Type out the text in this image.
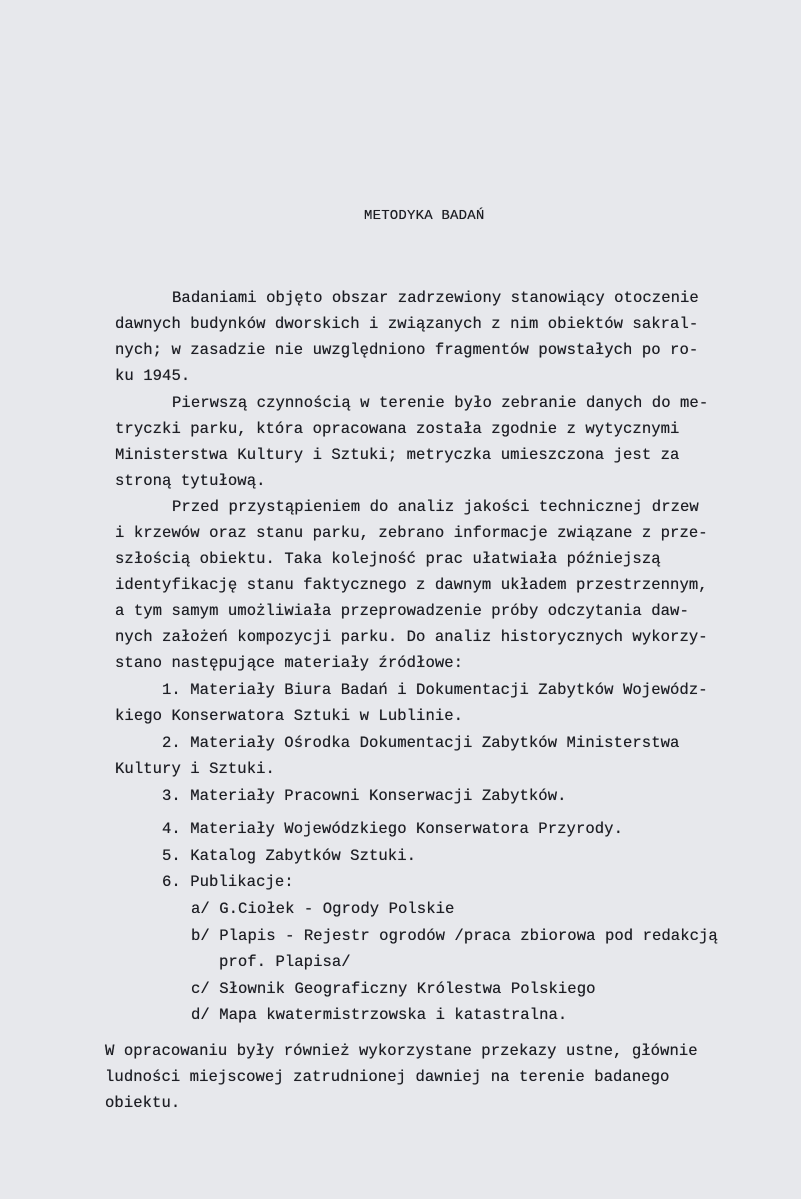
METODYKA BADAŃ
Badaniami objęto obszar zadrzewiony stanowiący otoczenie
dawnych budynków dworskich i związanych z nim obiektów sakral-
nych; w zasadzie nie uwzględniono fragmentów powstałych po ro-
ku 1945.
Pierwszą czynnością w terenie było zebranie danych do me-
tryczki parku, która opracowana została zgodnie z wytycznymi
Ministerstwa Kultury i Sztuki; metryczka umieszczona jest za
stroną tytułową.
Przed przystąpieniem do analiz jakości technicznej drzew
i krzewów oraz stanu parku, zebrano informacje związane z prze-
szłością obiektu. Taka kolejność prac ułatwiała późniejszą
identyfikację stanu faktycznego z dawnym układem przestrzennym,
a tym samym umożliwiała przeprowadzenie próby odczytania daw-
nych założeń kompozycji parku. Do analiz historycznych wykorzy-
stano następujące materiały źródłowe:
1. Materiały Biura Badań i Dokumentacji Zabytków Wojewódz-
kiego Konserwatora Sztuki w Lublinie.
2. Materiały Ośrodka Dokumentacji Zabytków Ministerstwa
Kultury i Sztuki.
3. Materiały Pracowni Konserwacji Zabytków.
4. Materiały Wojewódzkiego Konserwatora Przyrody.
5. Katalog Zabytków Sztuki.
6. Publikacje:
a/ G.Ciołek - Ogrody Polskie
b/ Plapis - Rejestr ogrodów /praca zbiorowa pod redakcją
prof. Plapisa/
c/ Słownik Geograficzny Królestwa Polskiego
d/ Mapa kwatermistrzowska i katastralna.
W opracowaniu były również wykorzystane przekazy ustne, głównie
ludności miejscowej zatrudnionej dawniej na terenie badanego
obiektu.
